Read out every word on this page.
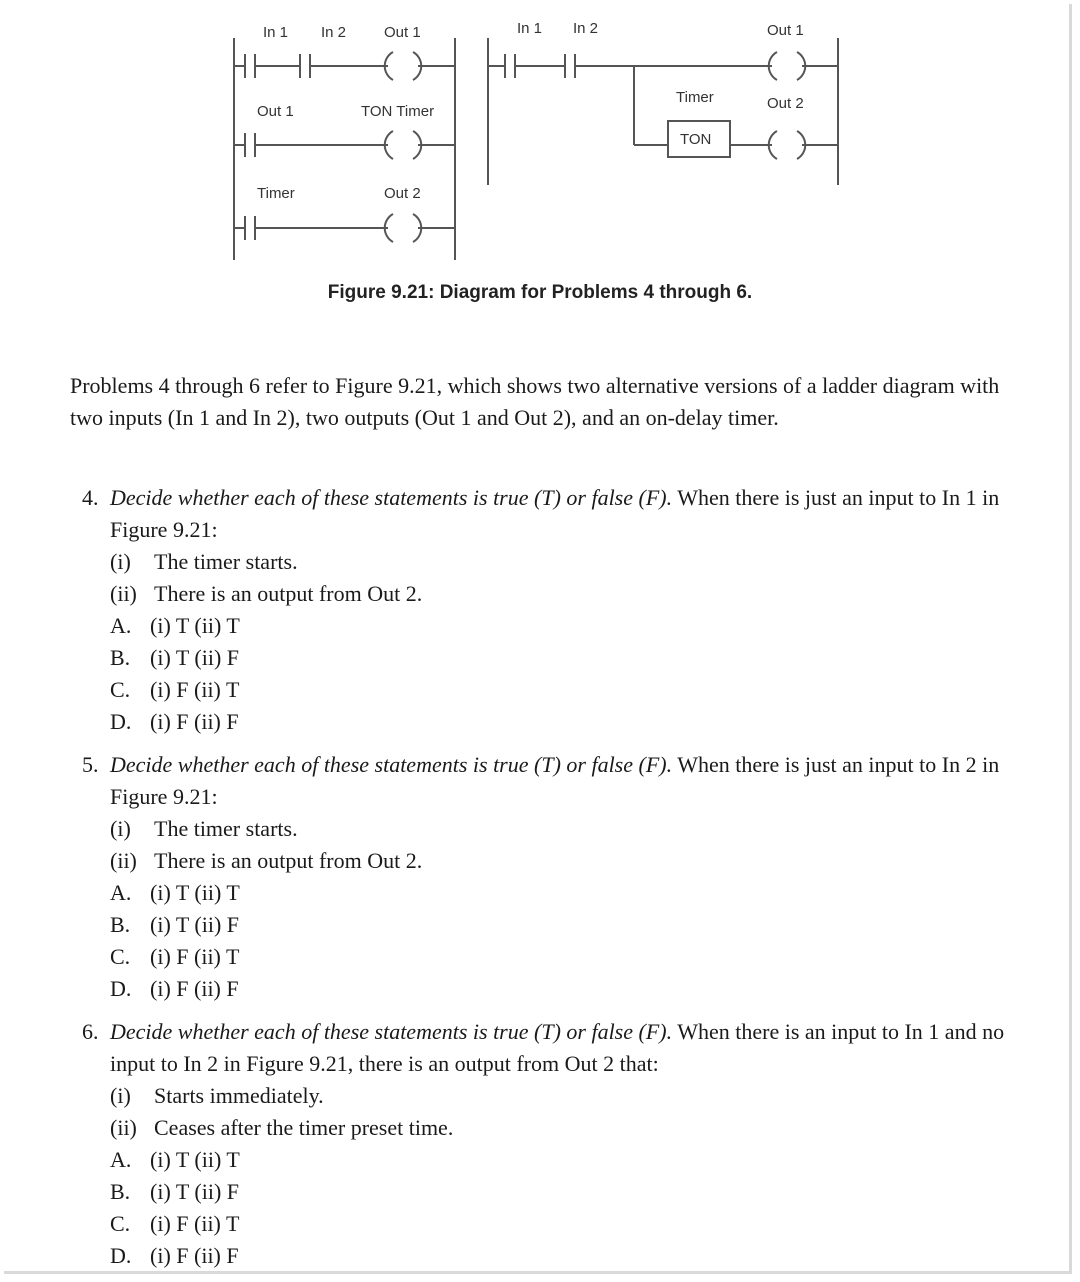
In 1 In 2	Out 1
Out 1	TON Timer
Timer	Out 2
In 1 In 2	Out 1
Timer
TON
Out 2
Figure 9.21: Diagram for Problems 4 through 6.
Problems 4 through 6 refer to Figure 9.21, which shows two alternative versions of a ladder diagram with two inputs (In 1 and In 2), two outputs (Out 1 and Out 2), and an on-delay timer.
4. Decide whether each of these statements is true (T) or false (F). When there is just an input to In 1 in Figure 9.21:
(i) The timer starts.
(ii) There is an output from Out 2.
A. (i) T (ii) T
B. (i) T (ii) F
C. (i) F (ii) T
D. (i) F (ii) F
5. Decide whether each of these statements is true (T) or false (F). When there is just an input to In 2 in Figure 9.21:
(i) The timer starts.
(ii) There is an output from Out 2.
A. (i) T (ii) T
B. (i) T (ii) F
C. (i) F (ii) T
D. (i) F (ii) F
6. Decide whether each of these statements is true (T) or false (F). When there is an input to In 1 and no input to In 2 in Figure 9.21, there is an output from Out 2 that:
(i) Starts immediately.
(ii) Ceases after the timer preset time.
A. (i) T (ii) T
B. (i) T (ii) F
C. (i) F (ii) T
D. (i) F (ii) F
